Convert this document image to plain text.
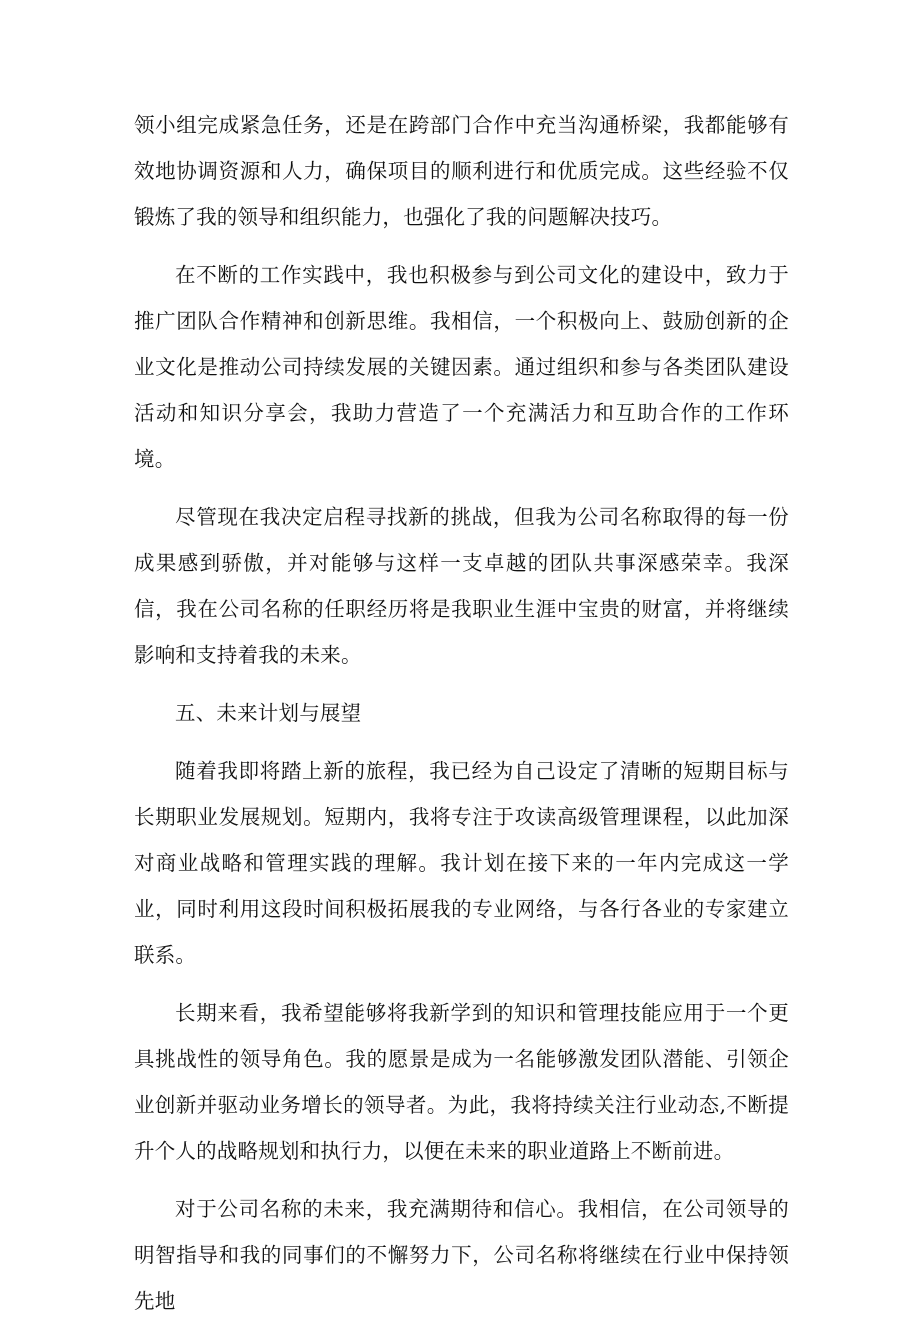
领小组完成紧急任务，还是在跨部门合作中充当沟通桥梁，我都能够有效地协调资源和人力，确保项目的顺利进行和优质完成。这些经验不仅锻炼了我的领导和组织能力，也强化了我的问题解决技巧。

在不断的工作实践中，我也积极参与到公司文化的建设中，致力于推广团队合作精神和创新思维。我相信，一个积极向上、鼓励创新的企业文化是推动公司持续发展的关键因素。通过组织和参与各类团队建设活动和知识分享会，我助力营造了一个充满活力和互助合作的工作环境。

尽管现在我决定启程寻找新的挑战，但我为公司名称取得的每一份成果感到骄傲，并对能够与这样一支卓越的团队共事深感荣幸。我深信，我在公司名称的任职经历将是我职业生涯中宝贵的财富，并将继续影响和支持着我的未来。

五、未来计划与展望

随着我即将踏上新的旅程，我已经为自己设定了清晰的短期目标与长期职业发展规划。短期内，我将专注于攻读高级管理课程，以此加深对商业战略和管理实践的理解。我计划在接下来的一年内完成这一学业，同时利用这段时间积极拓展我的专业网络，与各行各业的专家建立联系。

长期来看，我希望能够将我新学到的知识和管理技能应用于一个更具挑战性的领导角色。我的愿景是成为一名能够激发团队潜能、引领企业创新并驱动业务增长的领导者。为此，我将持续关注行业动态,不断提升个人的战略规划和执行力，以便在未来的职业道路上不断前进。

对于公司名称的未来，我充满期待和信心。我相信，在公司领导的明智指导和我的同事们的不懈努力下，公司名称将继续在行业中保持领先地
